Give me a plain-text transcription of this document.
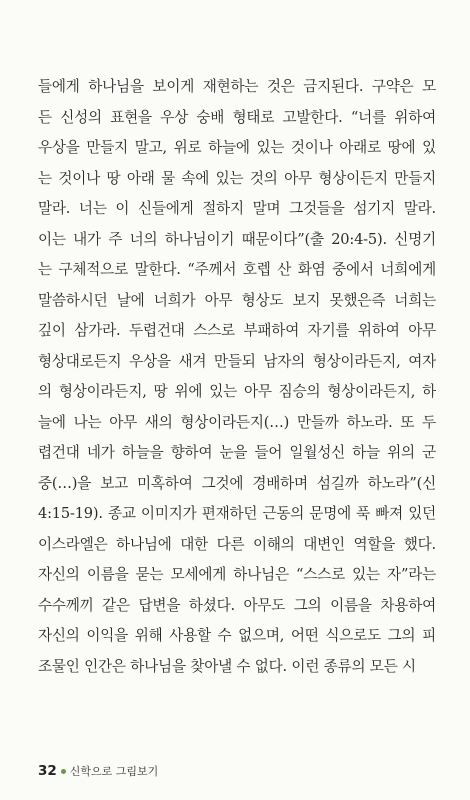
들에게 하나님을 보이게 재현하는 것은 금지된다. 구약은 모
든 신성의 표현을 우상 숭배 형태로 고발한다. “너를 위하여
우상을 만들지 말고, 위로 하늘에 있는 것이나 아래로 땅에 있
는 것이나 땅 아래 물 속에 있는 것의 아무 형상이든지 만들지
말라. 너는 이 신들에게 절하지 말며 그것들을 섬기지 말라.
이는 내가 주 너의 하나님이기 때문이다”(출 20:4-5). 신명기
는 구체적으로 말한다. “주께서 호렙 산 화염 중에서 너희에게
말씀하시던 날에 너희가 아무 형상도 보지 못했은즉 너희는
깊이 삼가라. 두렵건대 스스로 부패하여 자기를 위하여 아무
형상대로든지 우상을 새겨 만들되 남자의 형상이라든지, 여자
의 형상이라든지, 땅 위에 있는 아무 짐승의 형상이라든지, 하
늘에 나는 아무 새의 형상이라든지(…) 만들까 하노라. 또 두
렵건대 네가 하늘을 향하여 눈을 들어 일월성신 하늘 위의 군
중(…)을 보고 미혹하여 그것에 경배하며 섬길까 하노라”(신
4:15-19). 종교 이미지가 편재하던 근동의 문명에 푹 빠져 있던
이스라엘은 하나님에 대한 다른 이해의 대변인 역할을 했다.
자신의 이름을 묻는 모세에게 하나님은 “스스로 있는 자”라는
수수께끼 같은 답변을 하셨다. 아무도 그의 이름을 차용하여
자신의 이익을 위해 사용할 수 없으며, 어떤 식으로도 그의 피
조물인 인간은 하나님을 찾아낼 수 없다. 이런 종류의 모든 시
32 신학으로 그림보기
